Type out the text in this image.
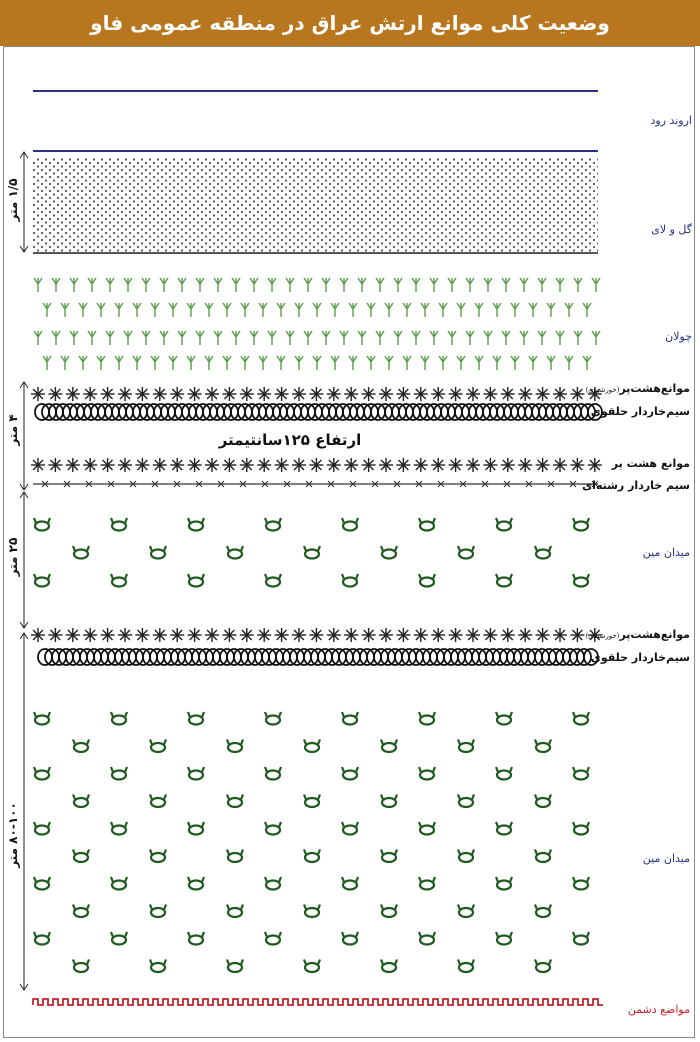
وضعیت کلی موانع ارتش عراق در منطقه عمومی فاو
اروند رود
گل و لای
چولان
موانع‌هشت‌پر(خورشیدی)
سیم‌خاردار حلقوی
ارتفاع ۱۲۵سانتیمتر
موانع هشت پر
سیم خاردار رشته‌ای
میدان مین
موانع‌هشت‌پر(خورشیدی)
سیم‌خاردار حلقوی
میدان مین
مواضع دشمن
۱/۵ متر
۴ متر
۲۵ متر
۸۰-۱۰۰ متر
